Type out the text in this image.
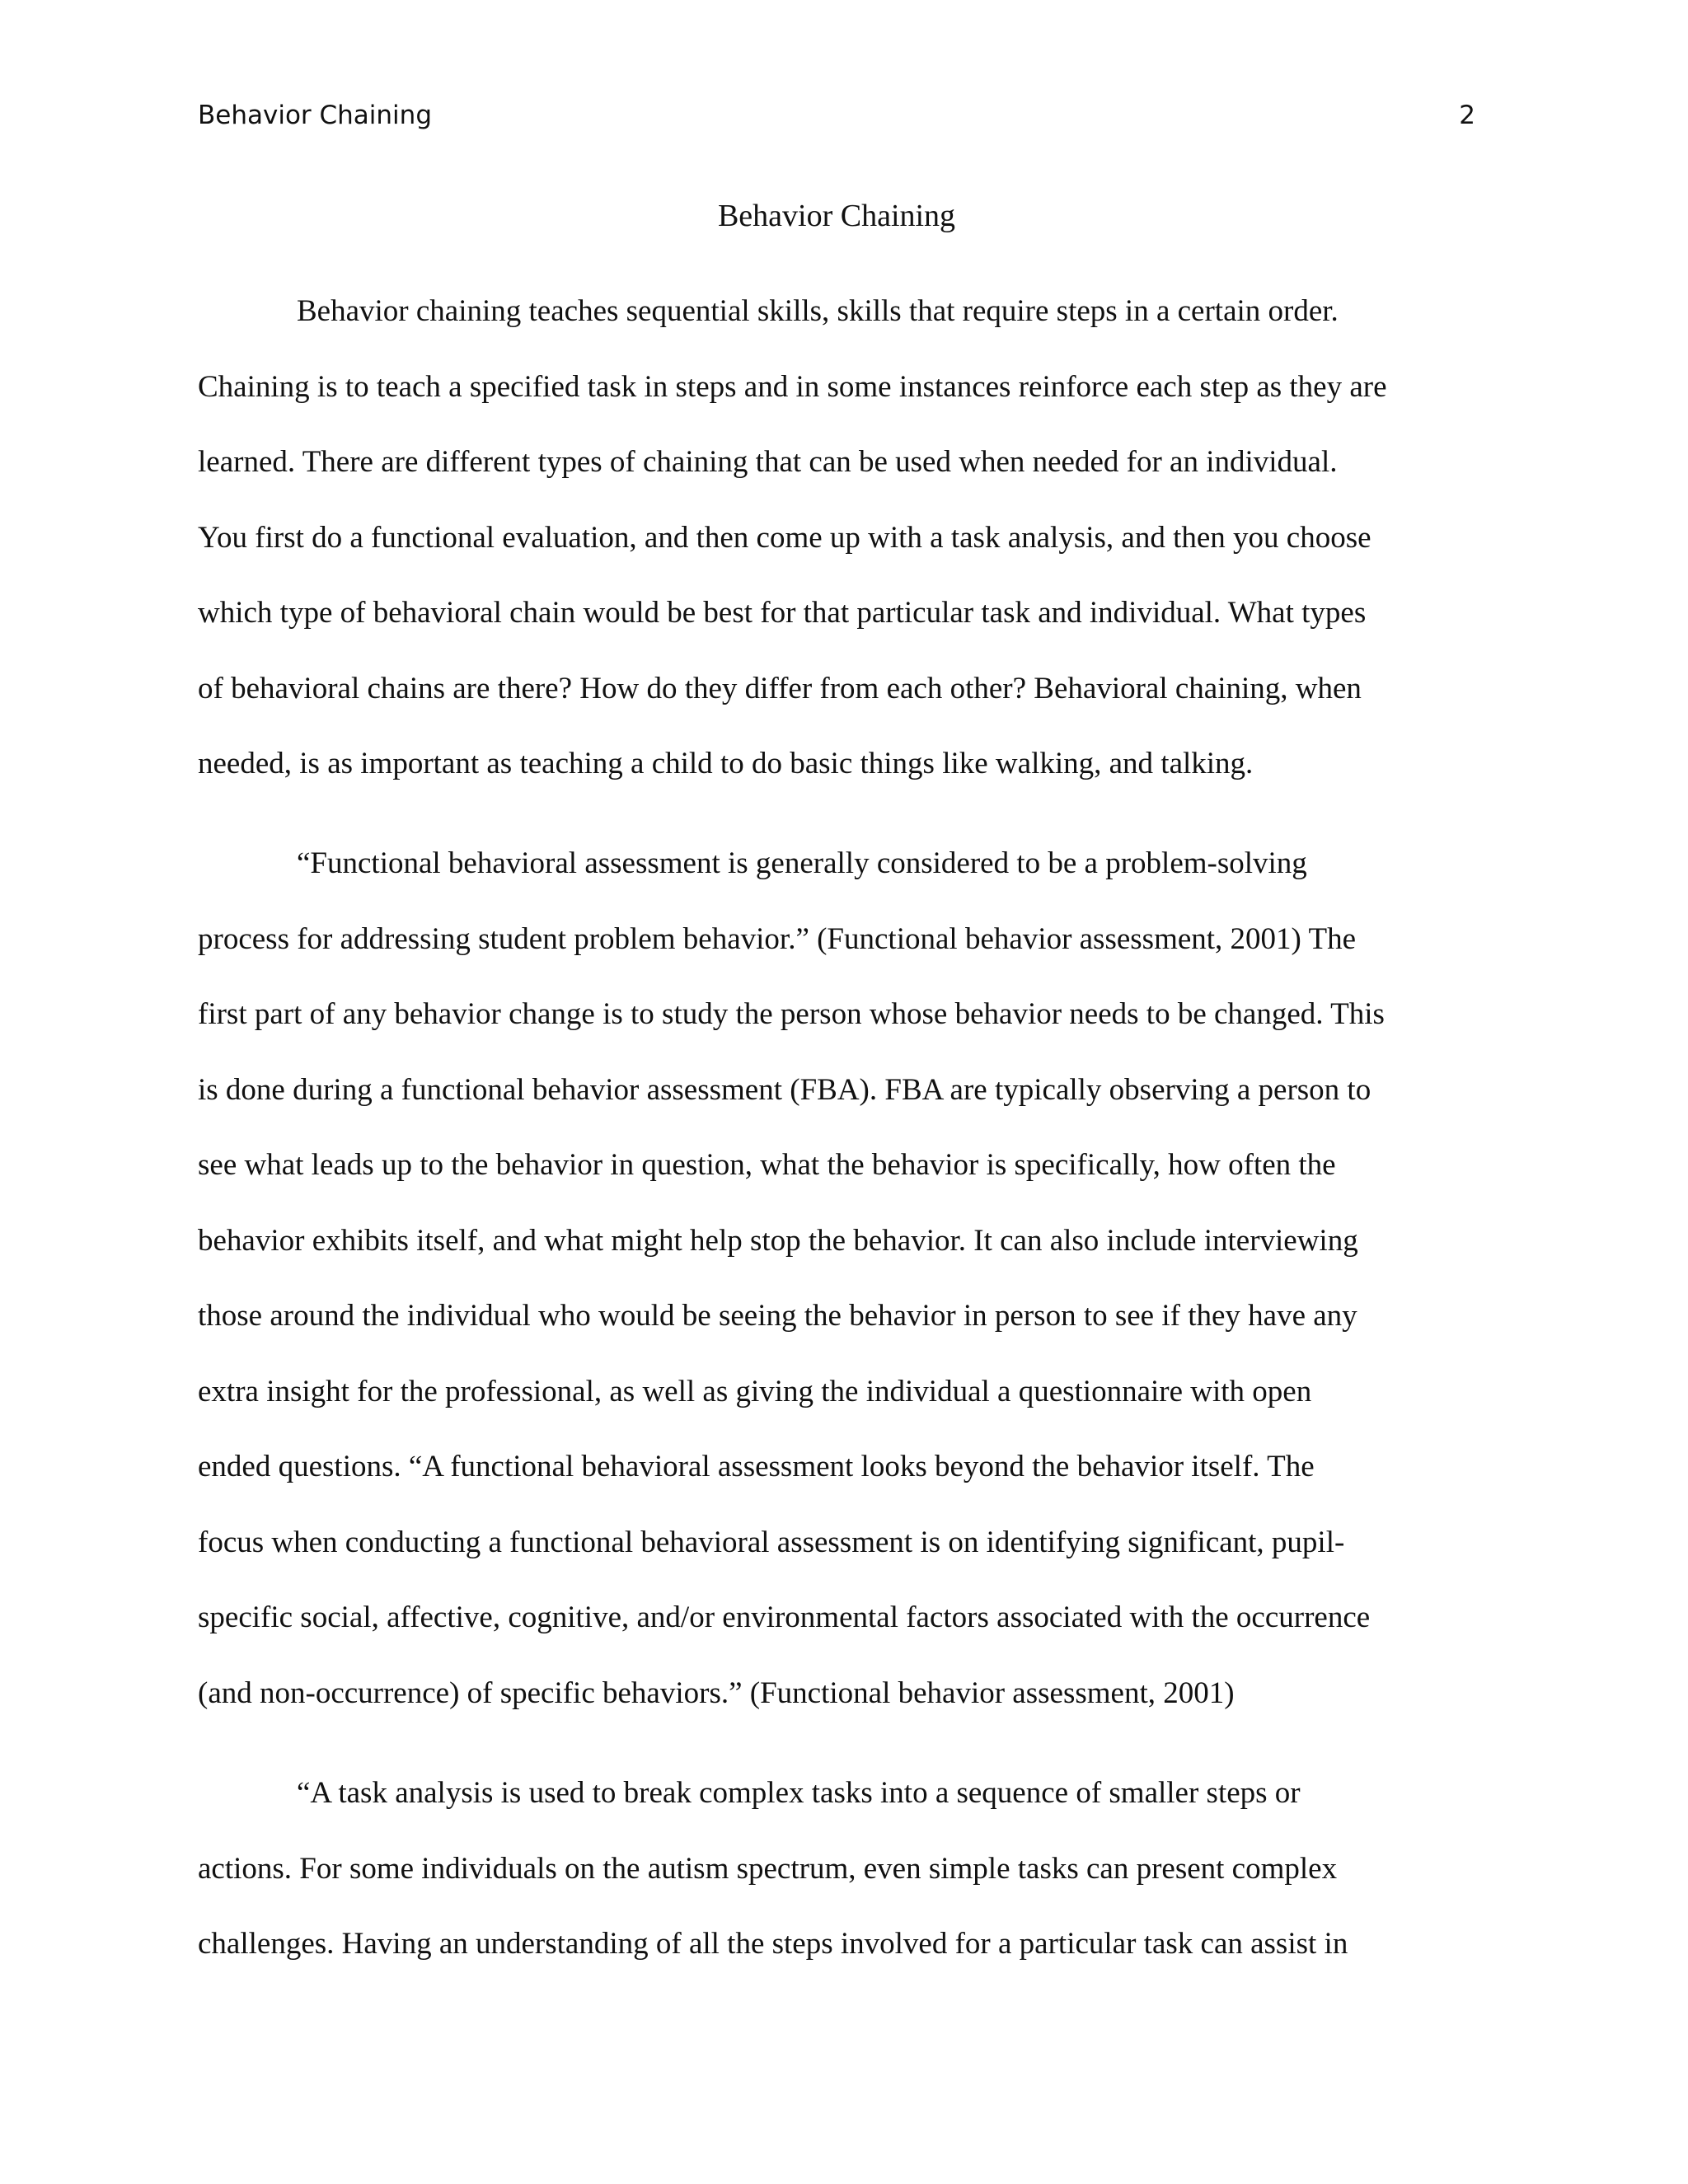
Behavior Chaining	2
Behavior Chaining

Behavior chaining teaches sequential skills, skills that require steps in a certain order.
Chaining is to teach a specified task in steps and in some instances reinforce each step as they are
learned. There are different types of chaining that can be used when needed for an individual.
You first do a functional evaluation, and then come up with a task analysis, and then you choose
which type of behavioral chain would be best for that particular task and individual. What types
of behavioral chains are there? How do they differ from each other? Behavioral chaining, when
needed, is as important as teaching a child to do basic things like walking, and talking.

“Functional behavioral assessment is generally considered to be a problem-solving
process for addressing student problem behavior.” (Functional behavior assessment, 2001) The
first part of any behavior change is to study the person whose behavior needs to be changed. This
is done during a functional behavior assessment (FBA). FBA are typically observing a person to
see what leads up to the behavior in question, what the behavior is specifically, how often the
behavior exhibits itself, and what might help stop the behavior. It can also include interviewing
those around the individual who would be seeing the behavior in person to see if they have any
extra insight for the professional, as well as giving the individual a questionnaire with open
ended questions. “A functional behavioral assessment looks beyond the behavior itself. The
focus when conducting a functional behavioral assessment is on identifying significant, pupil-
specific social, affective, cognitive, and/or environmental factors associated with the occurrence
(and non-occurrence) of specific behaviors.” (Functional behavior assessment, 2001)

“A task analysis is used to break complex tasks into a sequence of smaller steps or
actions. For some individuals on the autism spectrum, even simple tasks can present complex
challenges. Having an understanding of all the steps involved for a particular task can assist in
